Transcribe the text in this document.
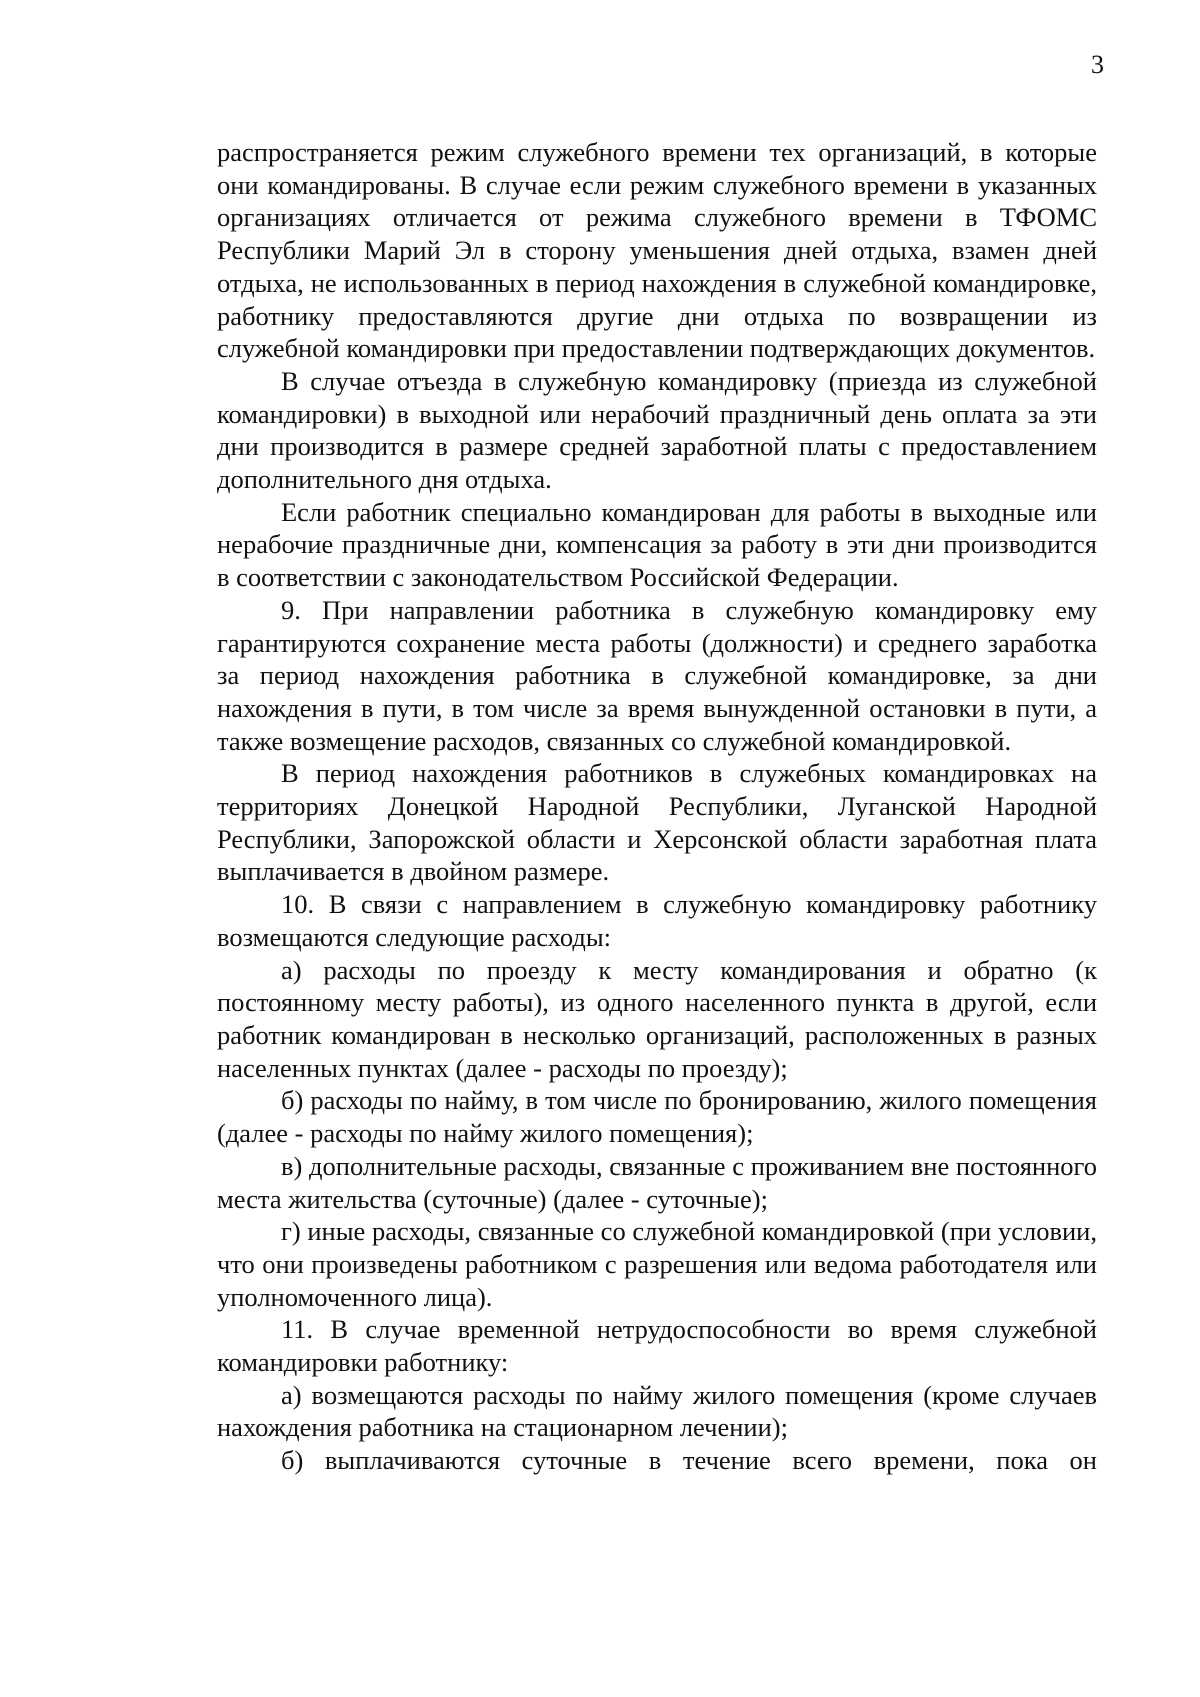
3

распространяется режим служебного времени тех организаций, в которые они командированы. В случае если режим служебного времени в указанных организациях отличается от режима служебного времени в ТФОМС Республики Марий Эл в сторону уменьшения дней отдыха, взамен дней отдыха, не использованных в период нахождения в служебной командировке, работнику предоставляются другие дни отдыха по возвращении из служебной командировки при предоставлении подтверждающих документов.

В случае отъезда в служебную командировку (приезда из служебной командировки) в выходной или нерабочий праздничный день оплата за эти дни производится в размере средней заработной платы с предоставлением дополнительного дня отдыха.

Если работник специально командирован для работы в выходные или нерабочие праздничные дни, компенсация за работу в эти дни производится в соответствии с законодательством Российской Федерации.

9. При направлении работника в служебную командировку ему гарантируются сохранение места работы (должности) и среднего заработка за период нахождения работника в служебной командировке, за дни нахождения в пути, в том числе за время вынужденной остановки в пути, а также возмещение расходов, связанных со служебной командировкой.

В период нахождения работников в служебных командировках на территориях Донецкой Народной Республики, Луганской Народной Республики, Запорожской области и Херсонской области заработная плата выплачивается в двойном размере.

10. В связи с направлением в служебную командировку работнику возмещаются следующие расходы:

а) расходы по проезду к месту командирования и обратно (к постоянному месту работы), из одного населенного пункта в другой, если работник командирован в несколько организаций, расположенных в разных населенных пунктах (далее - расходы по проезду);

б) расходы по найму, в том числе по бронированию, жилого помещения (далее - расходы по найму жилого помещения);

в) дополнительные расходы, связанные с проживанием вне постоянного места жительства (суточные) (далее - суточные);

г) иные расходы, связанные со служебной командировкой (при условии, что они произведены работником с разрешения или ведома работодателя или уполномоченного лица).

11. В случае временной нетрудоспособности во время служебной командировки работнику:

а) возмещаются расходы по найму жилого помещения (кроме случаев нахождения работника на стационарном лечении);

б) выплачиваются суточные в течение всего времени, пока он
